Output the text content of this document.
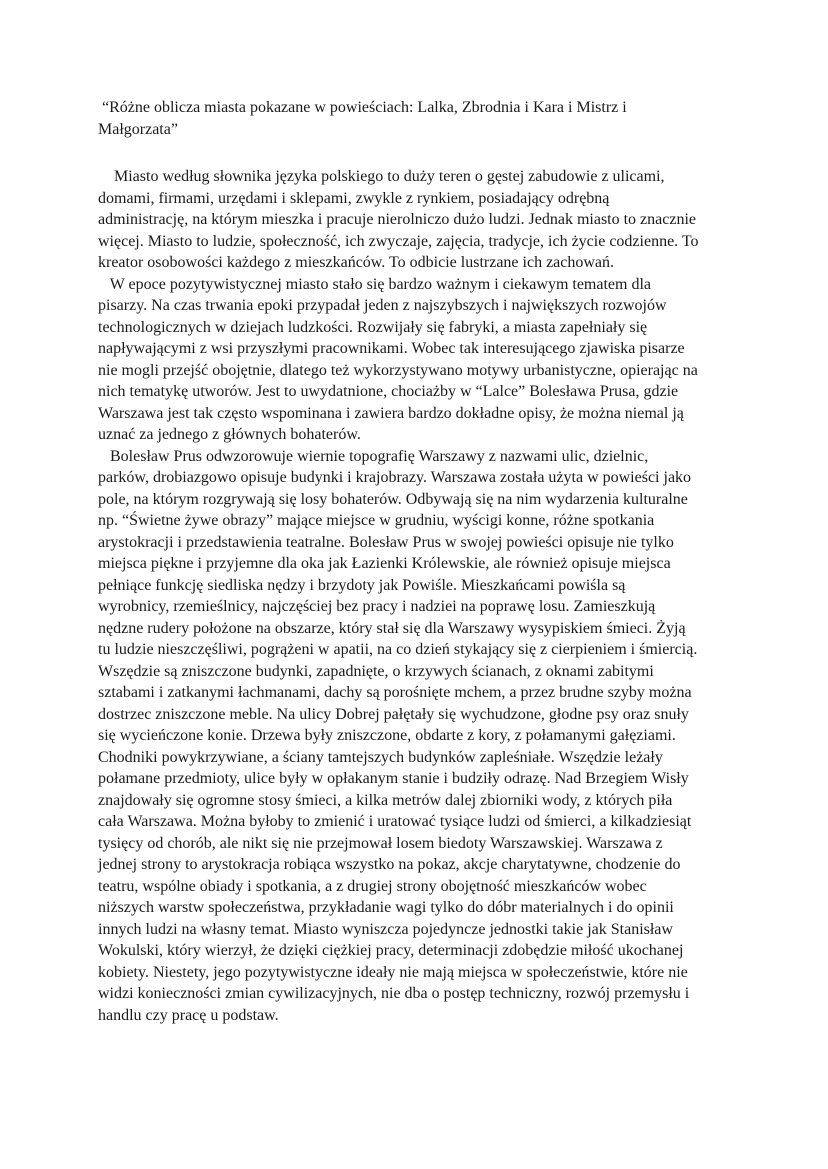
“Różne oblicza miasta pokazane w powieściach: Lalka, Zbrodnia i Kara i Mistrz i
Małgorzata”
Miasto według słownika języka polskiego to duży teren o gęstej zabudowie z ulicami,
domami, firmami, urzędami i sklepami, zwykle z rynkiem, posiadający odrębną
administrację, na którym mieszka i pracuje nierolniczo dużo ludzi. Jednak miasto to znacznie
więcej. Miasto to ludzie, społeczność, ich zwyczaje, zajęcia, tradycje, ich życie codzienne. To
kreator osobowości każdego z mieszkańców. To odbicie lustrzane ich zachowań.
W epoce pozytywistycznej miasto stało się bardzo ważnym i ciekawym tematem dla
pisarzy. Na czas trwania epoki przypadał jeden z najszybszych i największych rozwojów
technologicznych w dziejach ludzkości. Rozwijały się fabryki, a miasta zapełniały się
napływającymi z wsi przyszłymi pracownikami. Wobec tak interesującego zjawiska pisarze
nie mogli przejść obojętnie, dlatego też wykorzystywano motywy urbanistyczne, opierając na
nich tematykę utworów. Jest to uwydatnione, chociażby w “Lalce” Bolesława Prusa, gdzie
Warszawa jest tak często wspominana i zawiera bardzo dokładne opisy, że można niemal ją
uznać za jednego z głównych bohaterów.
Bolesław Prus odwzorowuje wiernie topografię Warszawy z nazwami ulic, dzielnic,
parków, drobiazgowo opisuje budynki i krajobrazy. Warszawa została użyta w powieści jako
pole, na którym rozgrywają się losy bohaterów. Odbywają się na nim wydarzenia kulturalne
np. “Świetne żywe obrazy” mające miejsce w grudniu, wyścigi konne, różne spotkania
arystokracji i przedstawienia teatralne. Bolesław Prus w swojej powieści opisuje nie tylko
miejsca piękne i przyjemne dla oka jak Łazienki Królewskie, ale również opisuje miejsca
pełniące funkcję siedliska nędzy i brzydoty jak Powiśle. Mieszkańcami powiśla są
wyrobnicy, rzemieślnicy, najczęściej bez pracy i nadziei na poprawę losu. Zamieszkują
nędzne rudery położone na obszarze, który stał się dla Warszawy wysypiskiem śmieci. Żyją
tu ludzie nieszczęśliwi, pogrążeni w apatii, na co dzień stykający się z cierpieniem i śmiercią.
Wszędzie są zniszczone budynki, zapadnięte, o krzywych ścianach, z oknami zabitymi
sztabami i zatkanymi łachmanami, dachy są porośnięte mchem, a przez brudne szyby można
dostrzec zniszczone meble. Na ulicy Dobrej pałętały się wychudzone, głodne psy oraz snuły
się wycieńczone konie. Drzewa były zniszczone, obdarte z kory, z połamanymi gałęziami.
Chodniki powykrzywiane, a ściany tamtejszych budynków zapleśniałe. Wszędzie leżały
połamane przedmioty, ulice były w opłakanym stanie i budziły odrazę. Nad Brzegiem Wisły
znajdowały się ogromne stosy śmieci, a kilka metrów dalej zbiorniki wody, z których piła
cała Warszawa. Można byłoby to zmienić i uratować tysiące ludzi od śmierci, a kilkadziesiąt
tysięcy od chorób, ale nikt się nie przejmował losem biedoty Warszawskiej. Warszawa z
jednej strony to arystokracja robiąca wszystko na pokaz, akcje charytatywne, chodzenie do
teatru, wspólne obiady i spotkania, a z drugiej strony obojętność mieszkańców wobec
niższych warstw społeczeństwa, przykładanie wagi tylko do dóbr materialnych i do opinii
innych ludzi na własny temat. Miasto wyniszcza pojedyncze jednostki takie jak Stanisław
Wokulski, który wierzył, że dzięki ciężkiej pracy, determinacji zdobędzie miłość ukochanej
kobiety. Niestety, jego pozytywistyczne ideały nie mają miejsca w społeczeństwie, które nie
widzi konieczności zmian cywilizacyjnych, nie dba o postęp techniczny, rozwój przemysłu i
handlu czy pracę u podstaw.
